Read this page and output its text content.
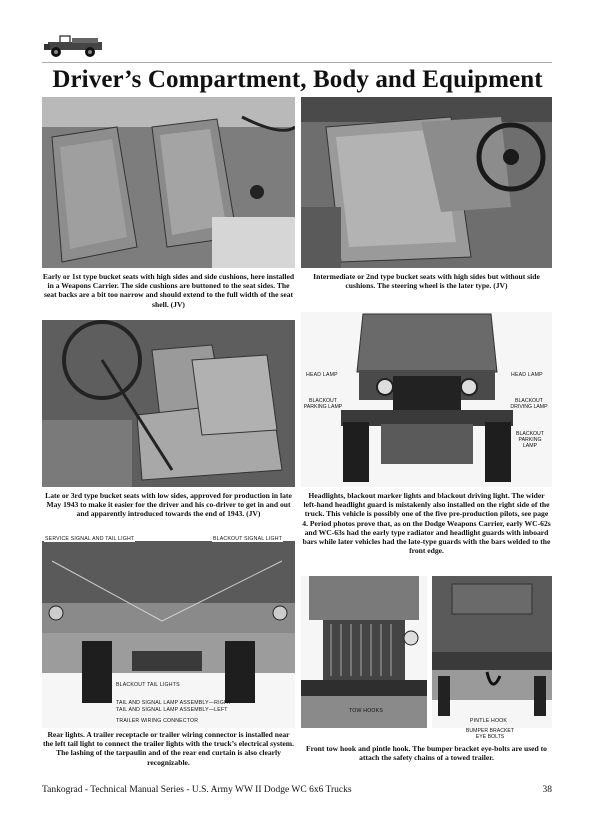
Driver’s Compartment, Body and Equipment
Early or 1st type bucket seats with high sides and side cushions, here installed in a Weapons Carrier. The side cushions are buttoned to the seat sides. The seat backs are a bit too narrow and should extend to the full width of the seat shell. (JV)
Intermediate or 2nd type bucket seats with high sides but without side cushions. The steering wheel is the later type. (JV)
Late or 3rd type bucket seats with low sides, approved for production in late May 1943 to make it easier for the driver and his co-driver to get in and out and apparently introduced towards the end of 1943. (JV)
HEAD LAMP	HEAD LAMP
BLACKOUT
PARKING LAMP
BLACKOUT
DRIVING LAMP
BLACKOUT
PARKING
LAMP
Headlights, blackout marker lights and blackout driving light. The wider left-hand headlight guard is mistakenly also installed on the right side of the truck. This vehicle is possibly one of the five pre-production pilots, see page 4. Period photos prove that, as on the Dodge Weapons Carrier, early WC-62s and WC-63s had the early type radiator and headlight guards with inboard bars while later vehicles had the late-type guards with the bars welded to the front edge.
SERVICE SIGNAL AND TAIL LIGHT	BLACKOUT SIGNAL LIGHT
BLACKOUT TAIL LIGHTS
TAIL AND SIGNAL LAMP ASSEMBLY—RIGHT
TAIL AND SIGNAL LAMP ASSEMBLY—LEFT
TRAILER WIRING CONNECTOR
Rear lights. A trailer receptacle or trailer wiring connector is installed near the left tail light to connect the trailer lights with the truck’s electrical system. The lashing of the tarpaulin and of the rear end curtain is also clearly recognizable.
TOW HOOKS
PINTLE HOOK
BUMPER BRACKET
EYE BOLTS
Front tow hook and pintle hook. The bumper bracket eye-bolts are used to attach the safety chains of a towed trailer.
Tankograd - Technical Manual Series - U.S. Army WW II Dodge WC 6x6 Trucks	38
